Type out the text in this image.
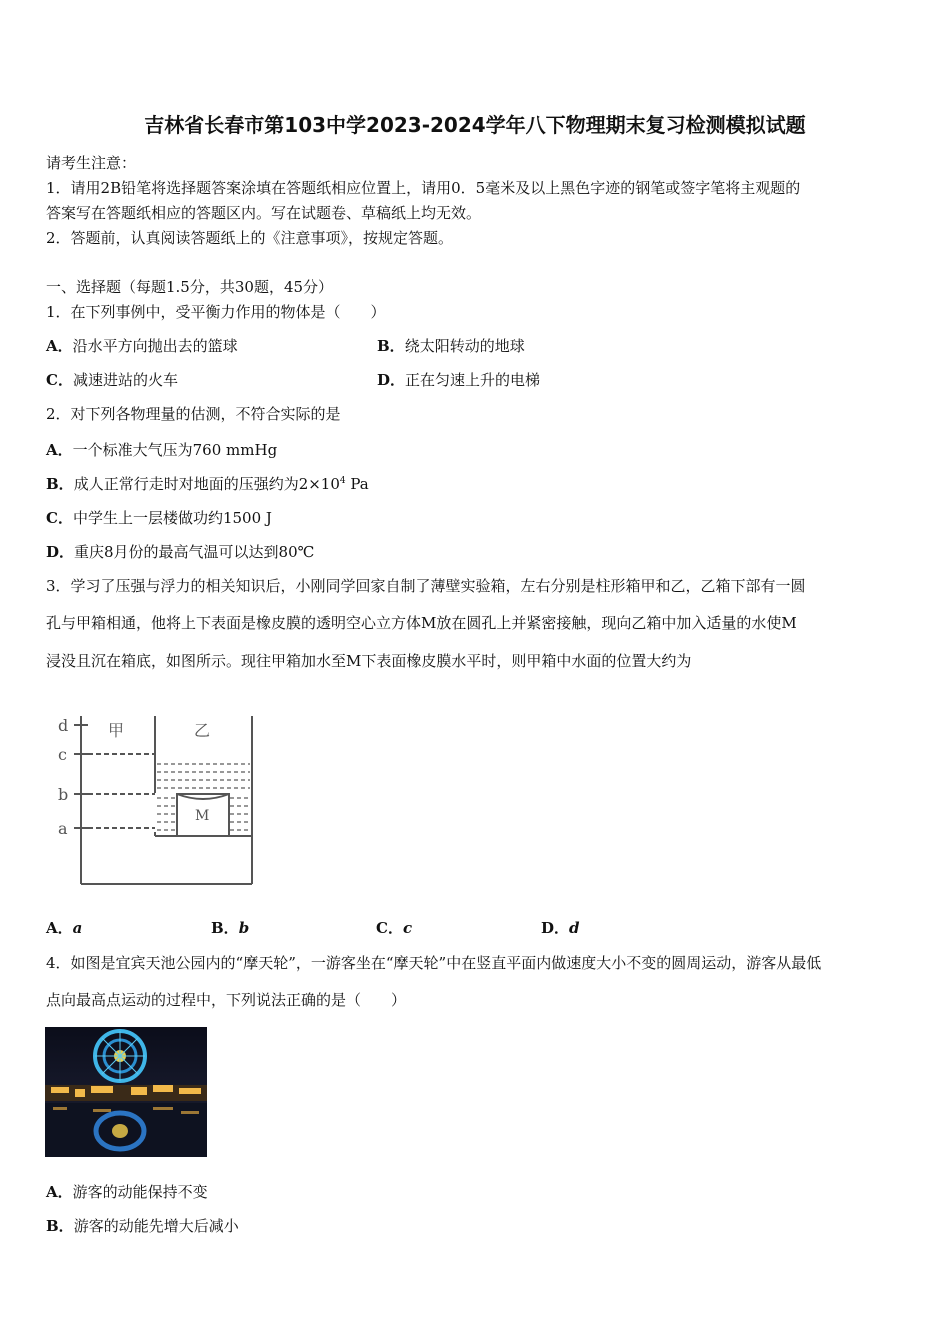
吉林省长春市第103中学2023-2024学年八下物理期末复习检测模拟试题
请考生注意：
1．请用2B铅笔将选择题答案涂填在答题纸相应位置上，请用0．5毫米及以上黑色字迹的钢笔或签字笔将主观题的
答案写在答题纸相应的答题区内。写在试题卷、草稿纸上均无效。
2．答题前，认真阅读答题纸上的《注意事项》，按规定答题。
一、选择题（每题1.5分，共30题，45分）
1．在下列事例中，受平衡力作用的物体是（　　）
A．沿水平方向抛出去的篮球	B．绕太阳转动的地球
C．减速进站的火车	D．正在匀速上升的电梯
2．对下列各物理量的估测，不符合实际的是
A．一个标准大气压为760 mmHg
B．成人正常行走时对地面的压强约为$2\times 10^4$ Pa
C．中学生上一层楼做功约1500 J
D．重庆8月份的最高气温可以达到80℃
3．学习了压强与浮力的相关知识后，小刚同学回家自制了薄壁实验箱，左右分别是柱形箱甲和乙，乙箱下部有一圆
孔与甲箱相通，他将上下表面是橡皮膜的透明空心立方体M放在圆孔上并紧密接触，现向乙箱中加入适量的水使M
浸没且沉在箱底，如图所示。现往甲箱加水至M下表面橡皮膜水平时，则甲箱中水面的位置大约为
d
c
b
a
甲	乙
M
A．a	B．b	C．c	D．d
4．如图是宜宾天池公园内的“摩天轮”，一游客坐在“摩天轮”中在竖直平面内做速度大小不变的圆周运动，游客从最低
点向最高点运动的过程中，下列说法正确的是（　　）
A．游客的动能保持不变
B．游客的动能先增大后减小
